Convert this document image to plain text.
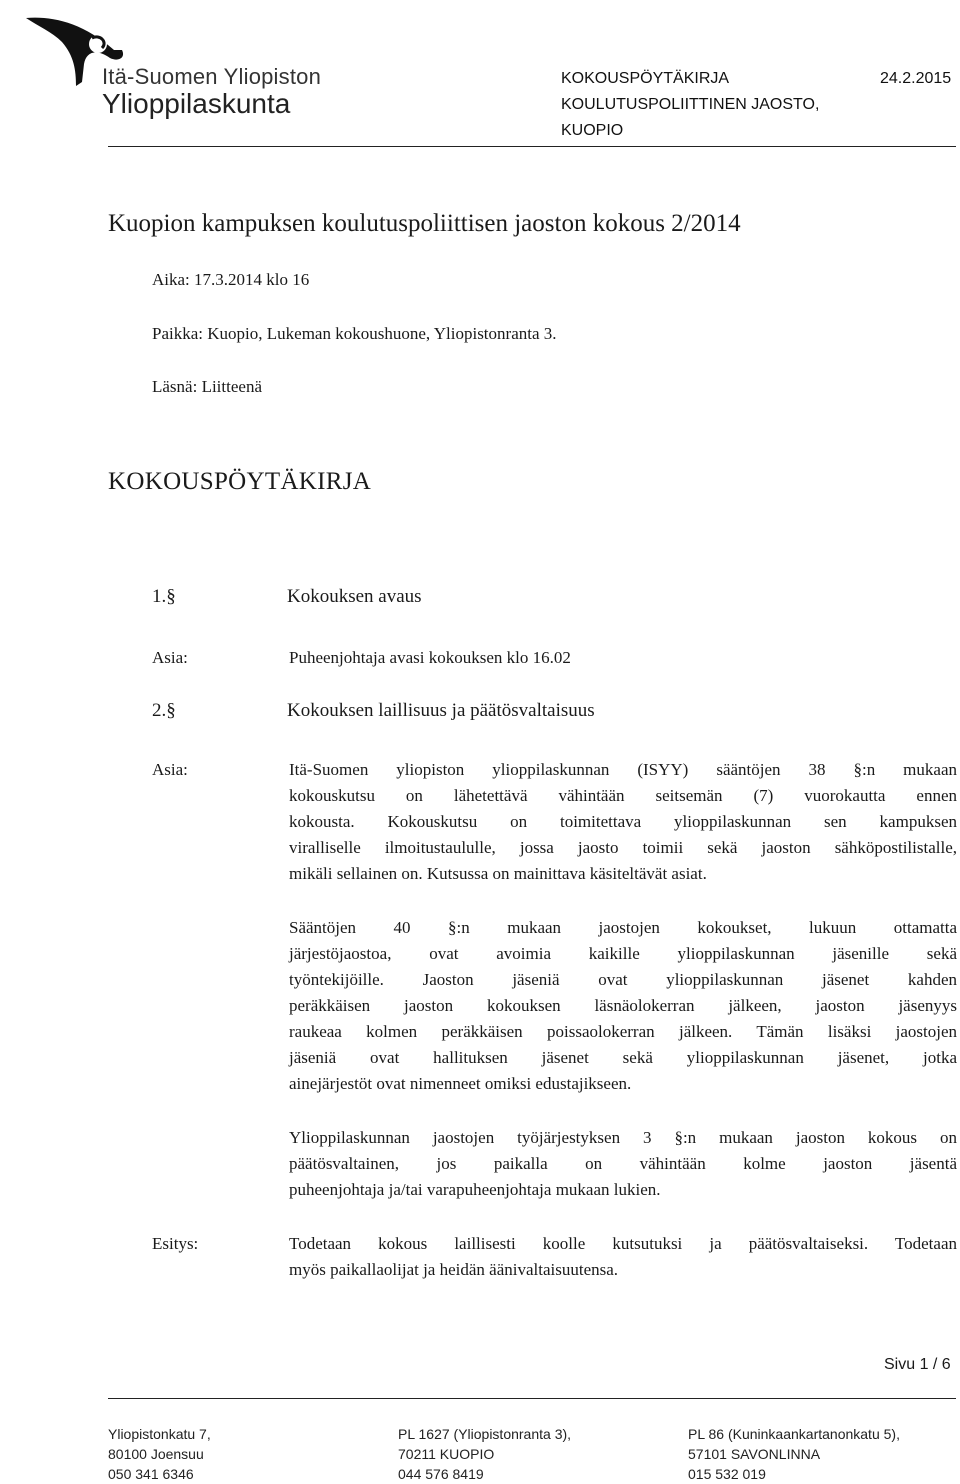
Itä-Suomen Yliopiston
Ylioppilaskunta
KOKOUSPÖYTÄKIRJA
KOULUTUSPOLIITTINEN JAOSTO,
KUOPIO
24.2.2015
Kuopion kampuksen koulutuspoliittisen jaoston kokous 2/2014
Aika: 17.3.2014 klo 16
Paikka: Kuopio, Lukeman kokoushuone, Yliopistonranta 3.
Läsnä: Liitteenä
KOKOUSPÖYTÄKIRJA
1.§	Kokouksen avaus
Asia:	Puheenjohtaja avasi kokouksen klo 16.02
2.§	Kokouksen laillisuus ja päätösvaltaisuus
Asia:	Itä-Suomen yliopiston ylioppilaskunnan (ISYY) sääntöjen 38 §:n mukaan
kokouskutsu on lähetettävä vähintään seitsemän (7) vuorokautta ennen
kokousta. Kokouskutsu on toimitettava ylioppilaskunnan sen kampuksen
viralliselle ilmoitustaululle, jossa jaosto toimii sekä jaoston sähköpostilistalle,
mikäli sellainen on. Kutsussa on mainittava käsiteltävät asiat.
Sääntöjen 40 §:n mukaan jaostojen kokoukset, lukuun ottamatta
järjestöjaostoa, ovat avoimia kaikille ylioppilaskunnan jäsenille sekä
työntekijöille. Jaoston jäseniä ovat ylioppilaskunnan jäsenet kahden
peräkkäisen jaoston kokouksen läsnäolokerran jälkeen, jaoston jäsenyys
raukeaa kolmen peräkkäisen poissaolokerran jälkeen. Tämän lisäksi jaostojen
jäseniä ovat hallituksen jäsenet sekä ylioppilaskunnan jäsenet, jotka
ainejärjestöt ovat nimenneet omiksi edustajikseen.
Ylioppilaskunnan jaostojen työjärjestyksen 3 §:n mukaan jaoston kokous on
päätösvaltainen, jos paikalla on vähintään kolme jaoston jäsentä
puheenjohtaja ja/tai varapuheenjohtaja mukaan lukien.
Esitys:	Todetaan kokous laillisesti koolle kutsutuksi ja päätösvaltaiseksi. Todetaan
myös paikallaolijat ja heidän äänivaltaisuutensa.
Sivu 1 / 6
Yliopistonkatu 7,
80100 Joensuu
050 341 6346
PL 1627 (Yliopistonranta 3),
70211 KUOPIO
044 576 8419
PL 86 (Kuninkaankartanonkatu 5),
57101 SAVONLINNA
015 532 019
